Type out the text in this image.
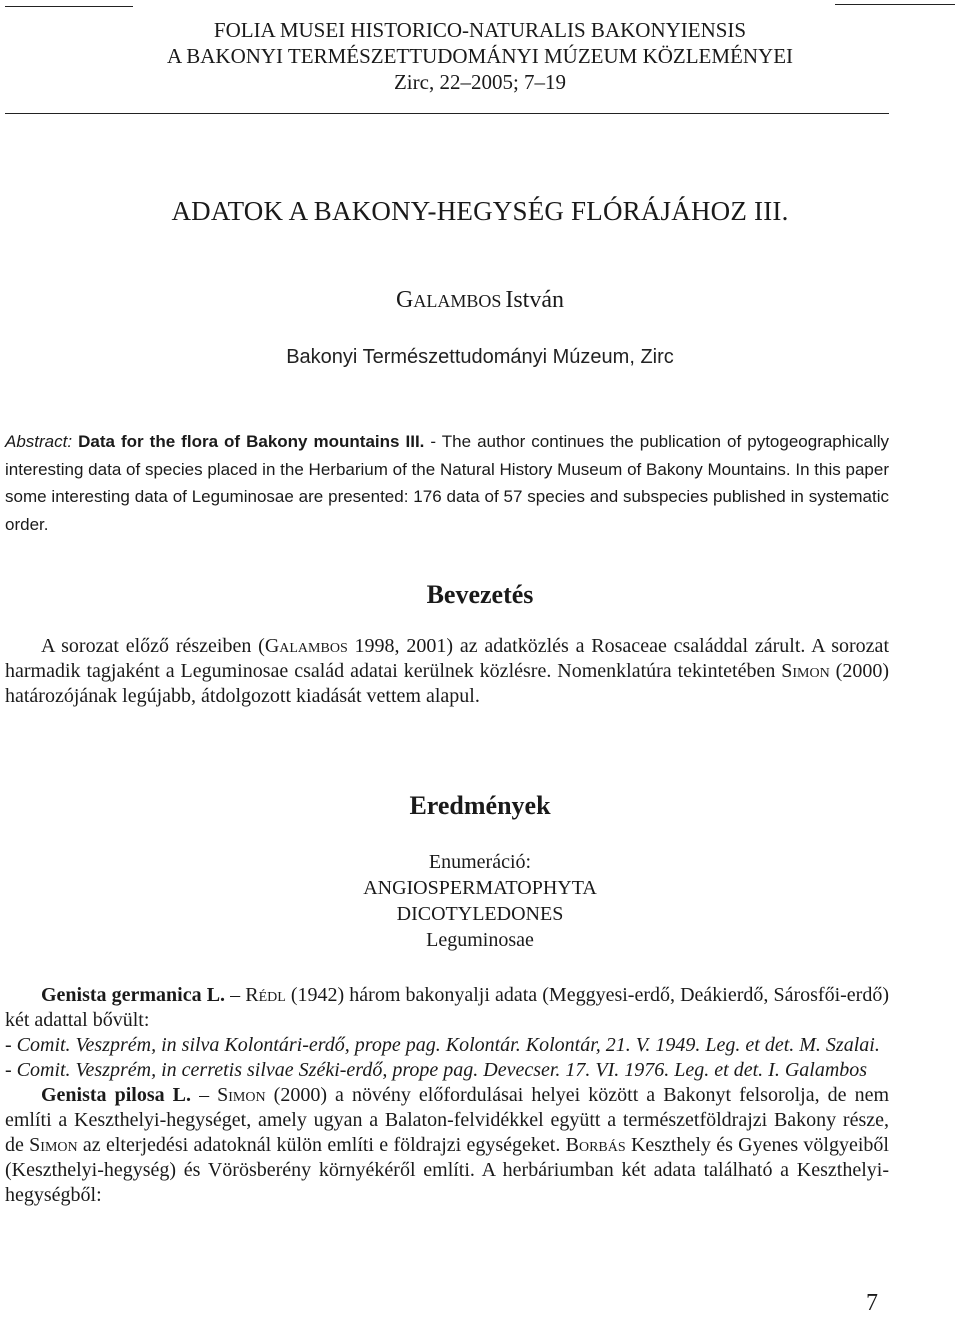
FOLIA MUSEI HISTORICO-NATURALIS BAKONYIENSIS
A BAKONYI TERMÉSZETTUDOMÁNYI MÚZEUM KÖZLEMÉNYEI
Zirc, 22–2005; 7–19
ADATOK A BAKONY-HEGYSÉG FLÓRÁJÁHOZ III.
GALAMBOS István
Bakonyi Természettudományi Múzeum, Zirc
Abstract: Data for the flora of Bakony mountains III. - The author continues the publication of pytogeographically interesting data of species placed in the Herbarium of the Natural History Museum of Bakony Mountains. In this paper some interesting data of Leguminosae are presented: 176 data of 57 species and subspecies published in systematic order.
Bevezetés

A sorozat előző részeiben (Galambos 1998, 2001) az adatközlés a Rosaceae családdal zárult. A sorozat harmadik tagjaként a Leguminosae család adatai kerülnek közlésre. Nomenklatúra tekintetében Simon (2000) határozójának legújabb, átdolgozott kiadását vettem alapul.

Eredmények
Enumeráció:
ANGIOSPERMATOPHYTA
DICOTYLEDONES
Leguminosae

Genista germanica L. – Rédl (1942) három bakonyalji adata (Meggyesi-erdő, Deákierdő, Sárosfői-erdő) két adattal bővült:

- Comit. Veszprém, in silva Kolontári-erdő, prope pag. Kolontár. Kolontár, 21. V. 1949. Leg. et det. M. Szalai.

- Comit. Veszprém, in cerretis silvae Széki-erdő, prope pag. Devecser. 17. VI. 1976. Leg. et det. I. Galambos

Genista pilosa L. – Simon (2000) a növény előfordulásai helyei között a Bakonyt felsorolja, de nem említi a Keszthelyi-hegységet, amely ugyan a Balaton-felvidékkel együtt a természetföldrajzi Bakony része, de Simon az elterjedési adatoknál külön említi e földrajzi egységeket. Borbás Keszthely és Gyenes völgyeiből (Keszthelyi-hegység) és Vörösberény környékéről említi. A herbáriumban két adata található a Keszthelyi-hegységből:

7
